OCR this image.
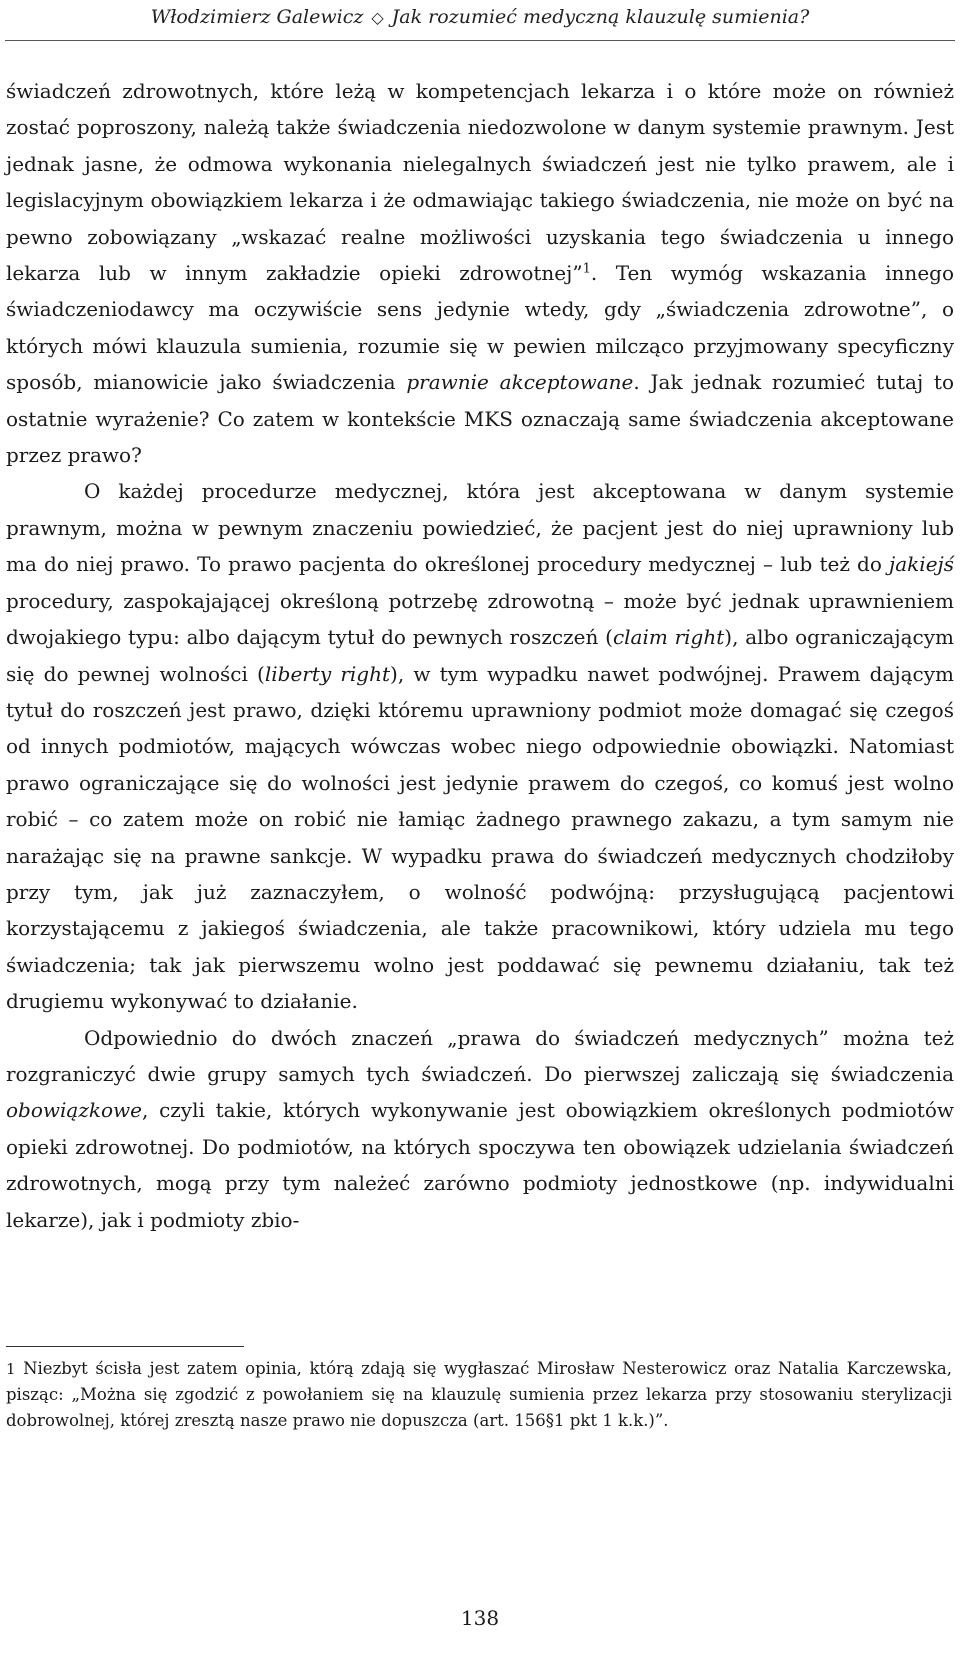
Włodzimierz Galewicz ◇ Jak rozumieć medyczną klauzulę sumienia?

świadczeń zdrowotnych, które leżą w kompetencjach lekarza i o które może on również zostać poproszony, należą także świadczenia niedozwolone w danym systemie prawnym. Jest jednak jasne, że odmowa wykonania nielegalnych świadczeń jest nie tylko prawem, ale i legislacyjnym obowiązkiem lekarza i że odmawiając takiego świadczenia, nie może on być na pewno zobowiązany „wskazać realne możliwości uzyskania tego świadczenia u innego lekarza lub w innym zakładzie opieki zdrowotnej”$^1$. Ten wymóg wskazania innego świadczeniodawcy ma oczywiście sens jedynie wtedy, gdy „świadczenia zdrowotne”, o których mówi klauzula sumienia, rozumie się w pewien milcząco przyjmowany specyficzny sposób, mianowicie jako świadczenia prawnie akceptowane. Jak jednak rozumieć tutaj to ostatnie wyrażenie? Co zatem w kontekście MKS oznaczają same świadczenia akceptowane przez prawo?

O każdej procedurze medycznej, która jest akceptowana w danym systemie prawnym, można w pewnym znaczeniu powiedzieć, że pacjent jest do niej uprawniony lub ma do niej prawo. To prawo pacjenta do określonej procedury medycznej – lub też do jakiejś procedury, zaspokajającej określoną potrzebę zdrowotną – może być jednak uprawnieniem dwojakiego typu: albo dającym tytuł do pewnych roszczeń (claim right), albo ograniczającym się do pewnej wolności (liberty right), w tym wypadku nawet podwójnej. Prawem dającym tytuł do roszczeń jest prawo, dzięki któremu uprawniony podmiot może domagać się czegoś od innych podmiotów, mających wówczas wobec niego odpowiednie obowiązki. Natomiast prawo ograniczające się do wolności jest jedynie prawem do czegoś, co komuś jest wolno robić – co zatem może on robić nie łamiąc żadnego prawnego zakazu, a tym samym nie narażając się na prawne sankcje. W wypadku prawa do świadczeń medycznych chodziłoby przy tym, jak już zaznaczyłem, o wolność podwójną: przysługującą pacjentowi korzystającemu z jakiegoś świadczenia, ale także pracownikowi, który udziela mu tego świadczenia; tak jak pierwszemu wolno jest poddawać się pewnemu działaniu, tak też drugiemu wykonywać to działanie.

Odpowiednio do dwóch znaczeń „prawa do świadczeń medycznych” można też rozgraniczyć dwie grupy samych tych świadczeń. Do pierwszej zaliczają się świadczenia obowiązkowe, czyli takie, których wykonywanie jest obowiązkiem określonych podmiotów opieki zdrowotnej. Do podmiotów, na których spoczywa ten obowiązek udzielania świadczeń zdrowotnych, mogą przy tym należeć zarówno podmioty jednostkowe (np. indywidualni lekarze), jak i podmioty zbio-

1 Niezbyt ścisła jest zatem opinia, którą zdają się wygłaszać Mirosław Nesterowicz oraz Natalia Karczewska, pisząc: „Można się zgodzić z powołaniem się na klauzulę sumienia przez lekarza przy stosowaniu sterylizacji dobrowolnej, której zresztą nasze prawo nie dopuszcza (art. 156§1 pkt 1 k.k.)”.

138
